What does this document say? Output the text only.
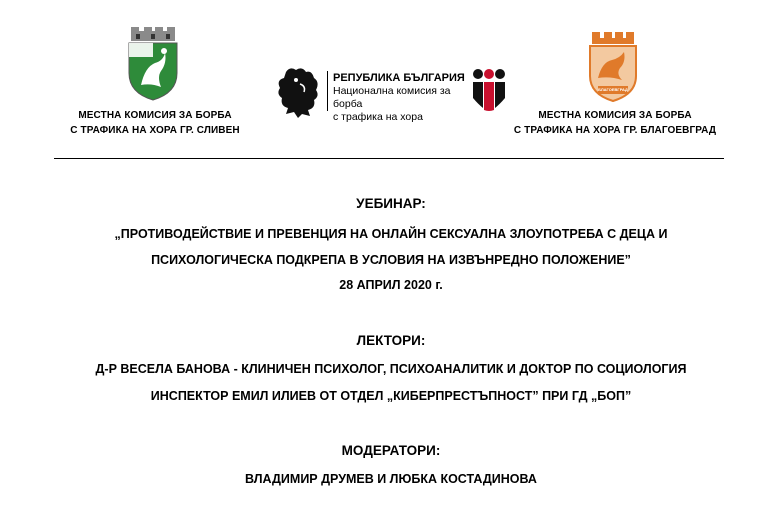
МЕСТНА КОМИСИЯ ЗА БОРБА
С ТРАФИКА НА ХОРА ГР. СЛИВЕН
РЕПУБЛИКА БЪЛГАРИЯ
Национална комисия за борба
с трафика на хора
БЛАГОЕВГРАД
МЕСТНА КОМИСИЯ ЗА БОРБА
С ТРАФИКА НА ХОРА ГР. БЛАГОЕВГРАД
УЕБИНАР:
„ПРОТИВОДЕЙСТВИЕ И ПРЕВЕНЦИЯ НА ОНЛАЙН СЕКСУАЛНА ЗЛОУПОТРЕБА С ДЕЦА И
ПСИХОЛОГИЧЕСКА ПОДКРЕПА В УСЛОВИЯ НА ИЗВЪНРЕДНО ПОЛОЖЕНИЕ”
28 АПРИЛ 2020 г.
ЛЕКТОРИ:
Д-Р ВЕСЕЛА БАНОВА - КЛИНИЧЕН ПСИХОЛОГ, ПСИХОАНАЛИТИК И ДОКТОР ПО СОЦИОЛОГИЯ
ИНСПЕКТОР ЕМИЛ ИЛИЕВ ОТ ОТДЕЛ „КИБЕРПРЕСТЪПНОСТ” ПРИ ГД „БОП”
МОДЕРАТОРИ:
ВЛАДИМИР ДРУМЕВ И ЛЮБКА КОСТАДИНОВА
